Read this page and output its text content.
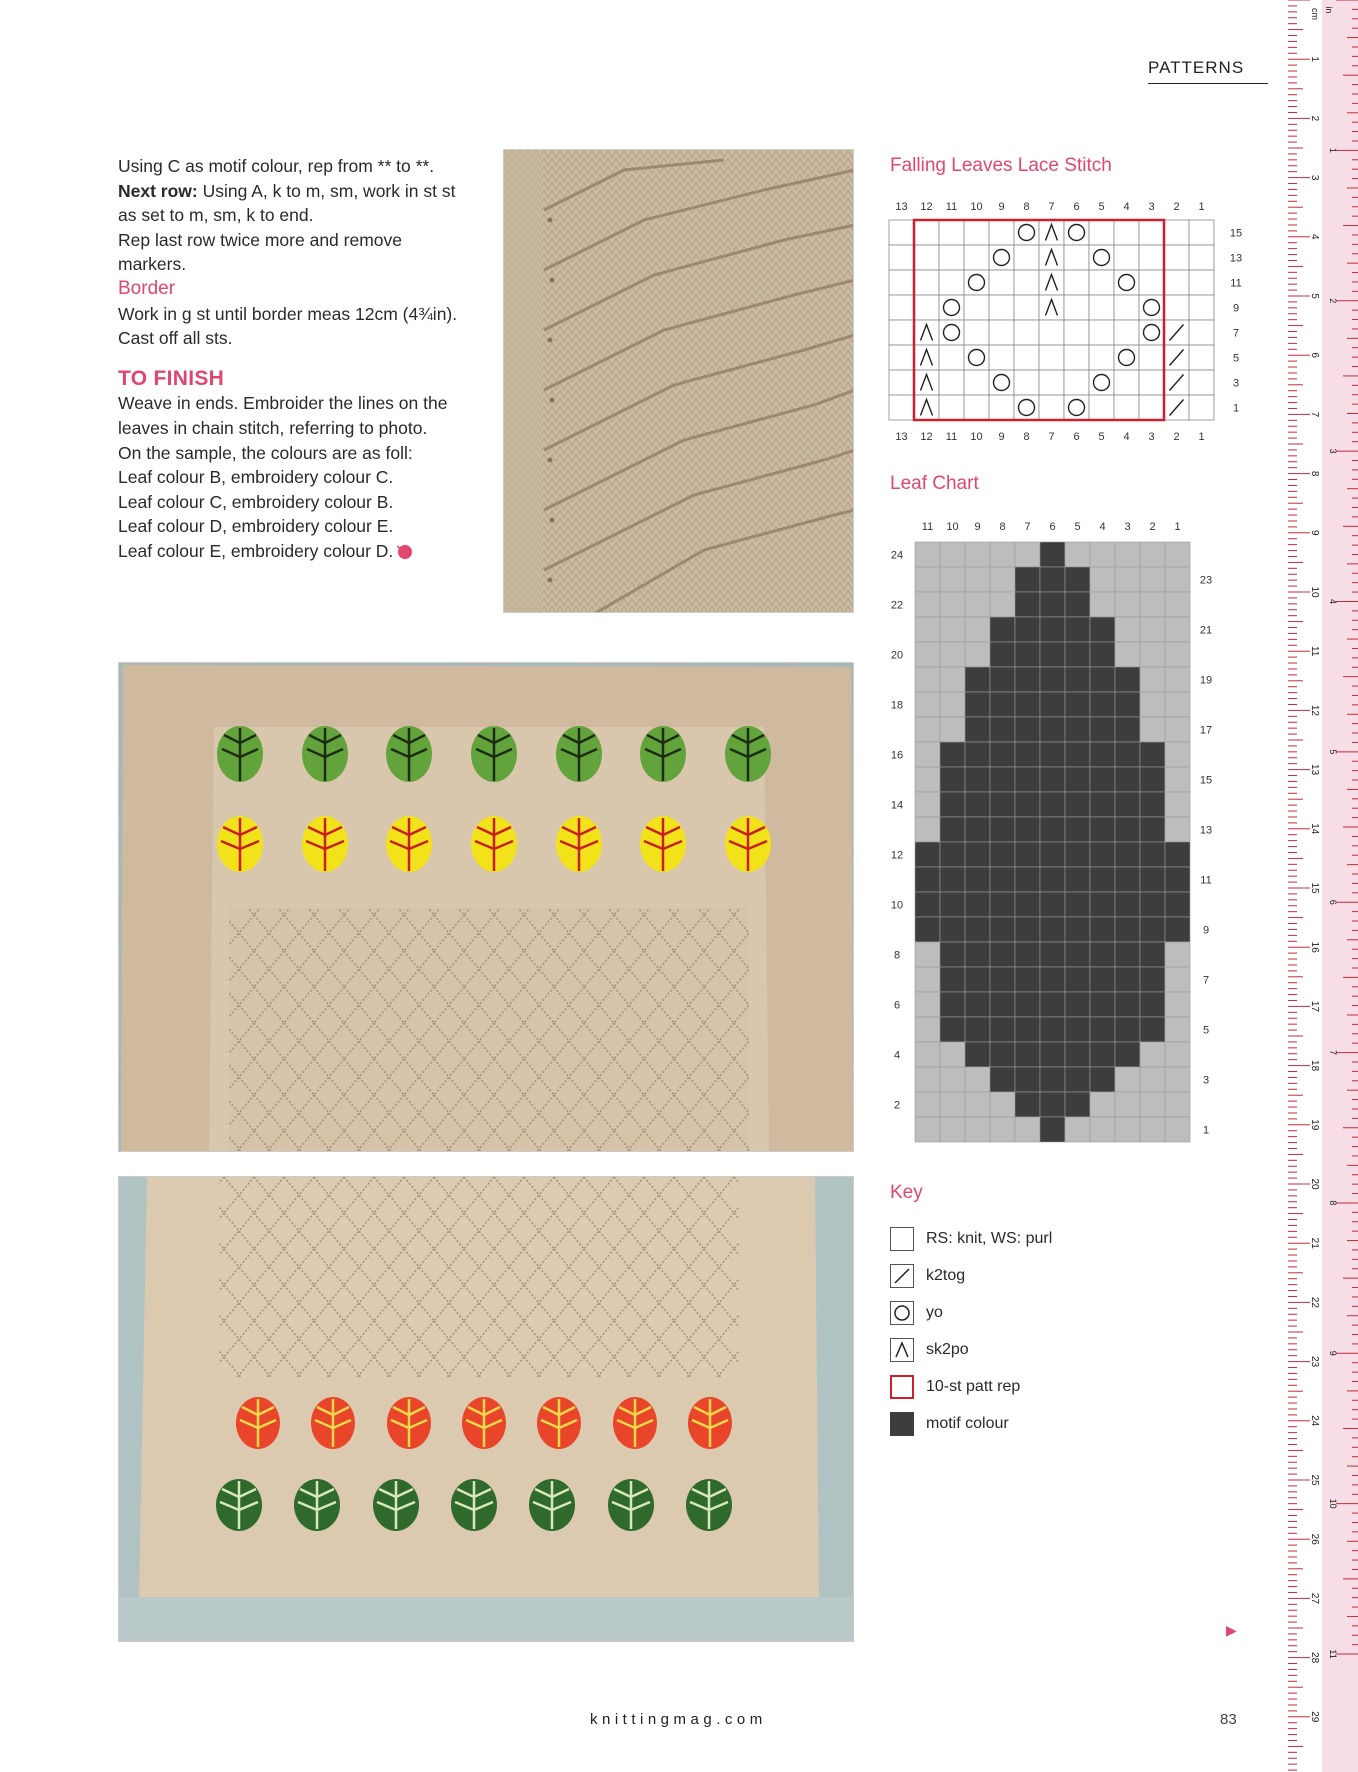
PATTERNS

Using C as motif colour, rep from ** to **.

Next row: Using A, k to m, sm, work in st st

as set to m, sm, k to end.

Rep last row twice more and remove

markers.

Border

Work in g st until border meas 12cm (4¾in).

Cast off all sts.

TO FINISH

Weave in ends. Embroider the lines on the

leaves in chain stitch, referring to photo.

On the sample, the colours are as foll:

Leaf colour B, embroidery colour C.

Leaf colour C, embroidery colour B.

Leaf colour D, embroidery colour E.

Leaf colour E, embroidery colour D.

Falling Leaves Lace Stitch
13
13
12
12
11
11
10
10
9
9
8
8
7
7
6
6
5
5
4
4
3
3
2
2
1
1
15
13
11
9
7
5
3
1
Leaf Chart
11 10 9 8 7 6 5 4 3 2 1
24
22
20
18
16
14
12
10
8
6
4
2
23
21
19
17
15
13
11
9
7
5
3
1
Key
RS: knit, WS: purl
k2tog
yo
sk2po
10-st patt rep
motif colour
▶
knittingmag.com	83
cm in
1
2
3
4
5
6
7
8
9
10
11
12
13
14
15
16
17
18
19
20
21
22
23
24
25
26
27
28
29
1
2
3
4
5
6
7
8
9
10
11
